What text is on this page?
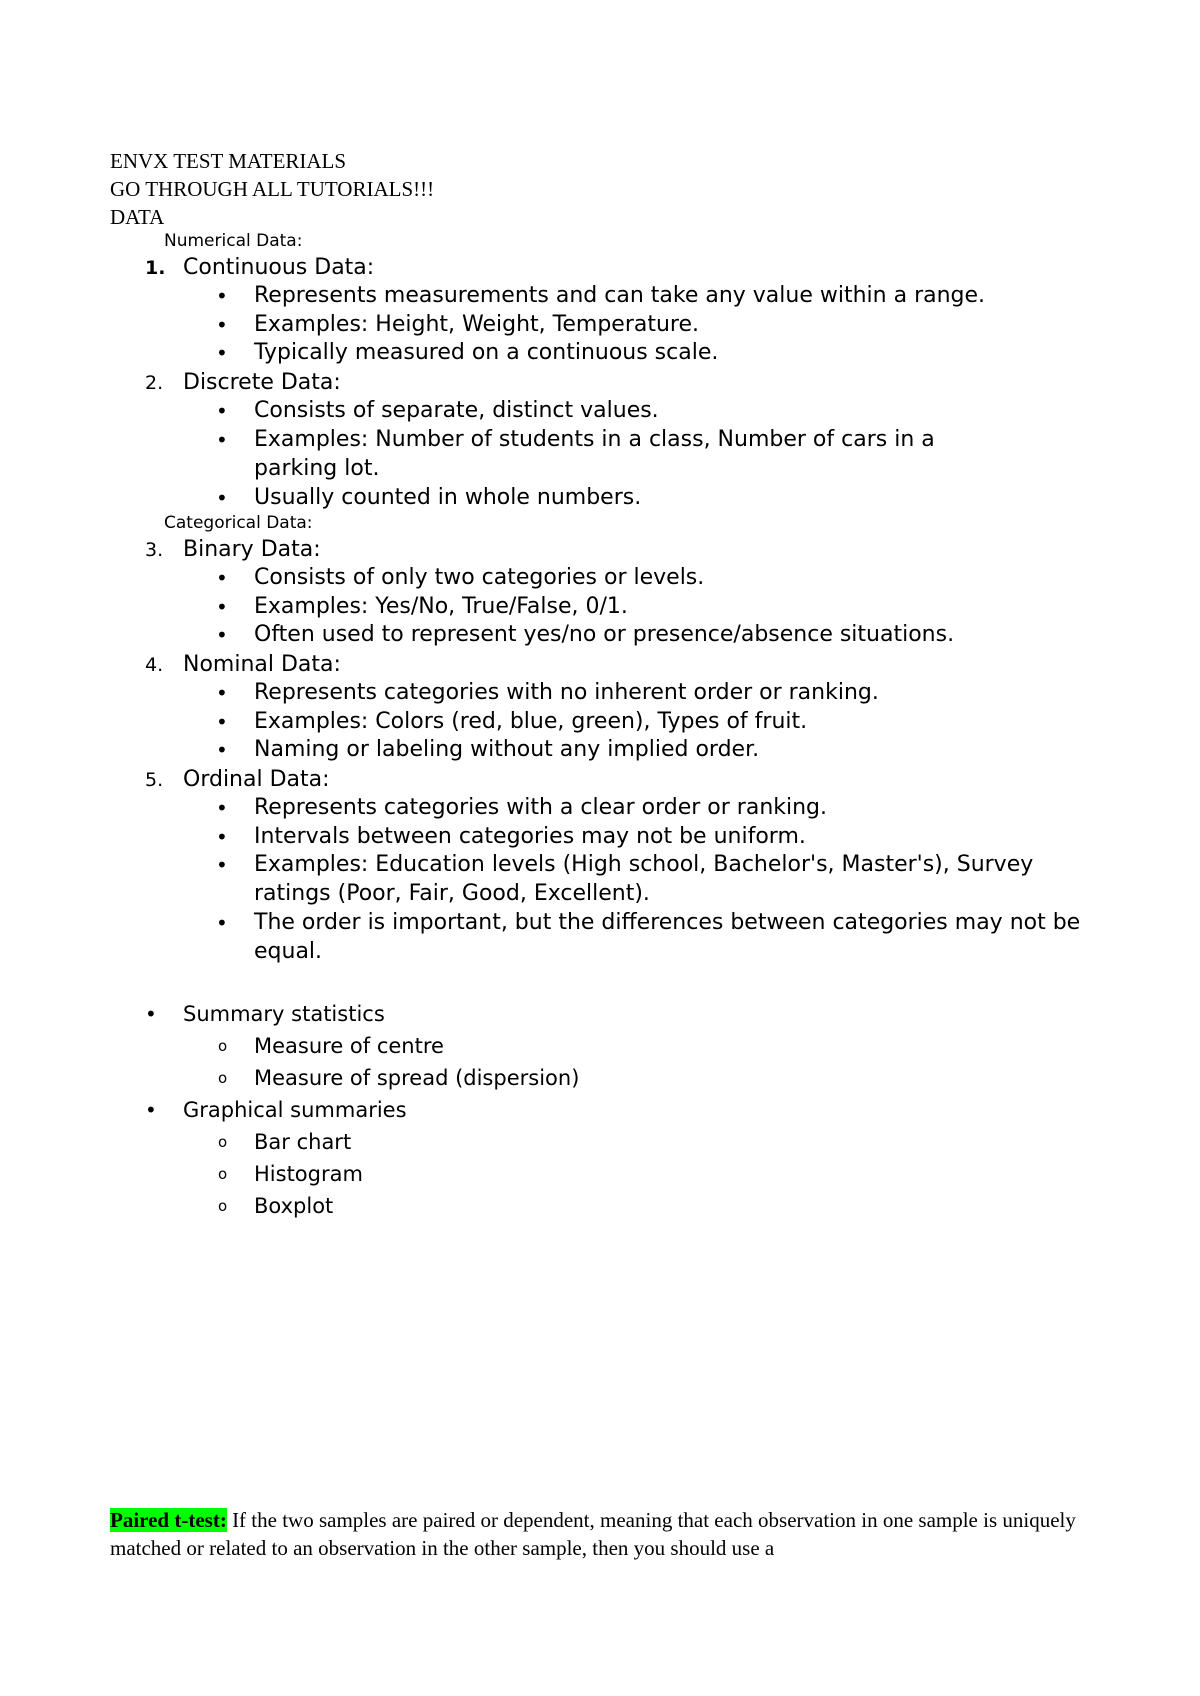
ENVX TEST MATERIALS
GO THROUGH ALL TUTORIALS!!!
DATA
Numerical Data:
1. Continuous Data:
• Represents measurements and can take any value within a range.
• Examples: Height, Weight, Temperature.
• Typically measured on a continuous scale.
2. Discrete Data:
• Consists of separate, distinct values.
• Examples: Number of students in a class, Number of cars in a parking lot.
• Usually counted in whole numbers.
Categorical Data:
3. Binary Data:
• Consists of only two categories or levels.
• Examples: Yes/No, True/False, 0/1.
• Often used to represent yes/no or presence/absence situations.
4. Nominal Data:
• Represents categories with no inherent order or ranking.
• Examples: Colors (red, blue, green), Types of fruit.
• Naming or labeling without any implied order.
5. Ordinal Data:
• Represents categories with a clear order or ranking.
• Intervals between categories may not be uniform.
• Examples: Education levels (High school, Bachelor's, Master's), Survey ratings (Poor, Fair, Good, Excellent).
• The order is important, but the differences between categories may not be equal.
• Summary statistics
o Measure of centre
o Measure of spread (dispersion)
• Graphical summaries
o Bar chart
o Histogram
o Boxplot
Paired t-test: If the two samples are paired or dependent, meaning that each observation in one sample is uniquely matched or related to an observation in the other sample, then you should use a
